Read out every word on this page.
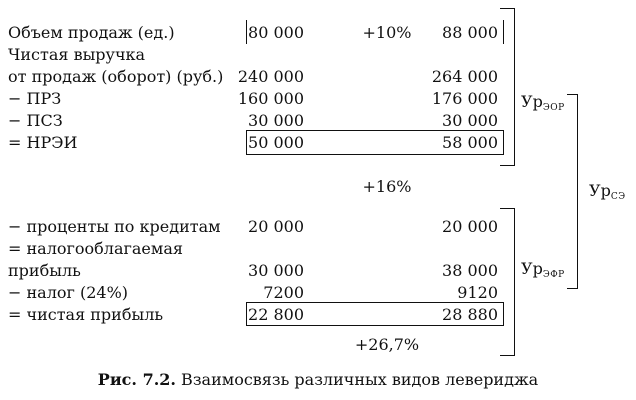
Объем продаж (ед.)	80 000	+10%	88 000
Чистая выручка
от продаж (оборот) (руб.) 240 000	264 000
− ПРЗ	160 000	176 000
− ПСЗ	30 000	30 000
= НРЭИ	50 000	58 000
+16%
− проценты по кредитам 20 000	20 000
= налогооблагаемая
прибыль	30 000	38 000
− налог (24%)	7200	9120
= чистая прибыль	22 800	28 880
+26,7%
$Ур_{ЭОР}$
$Ур_{ЭФР}$
$Ур_{СЭ}$
Рис. 7.2. Взаимосвязь различных видов левериджа
